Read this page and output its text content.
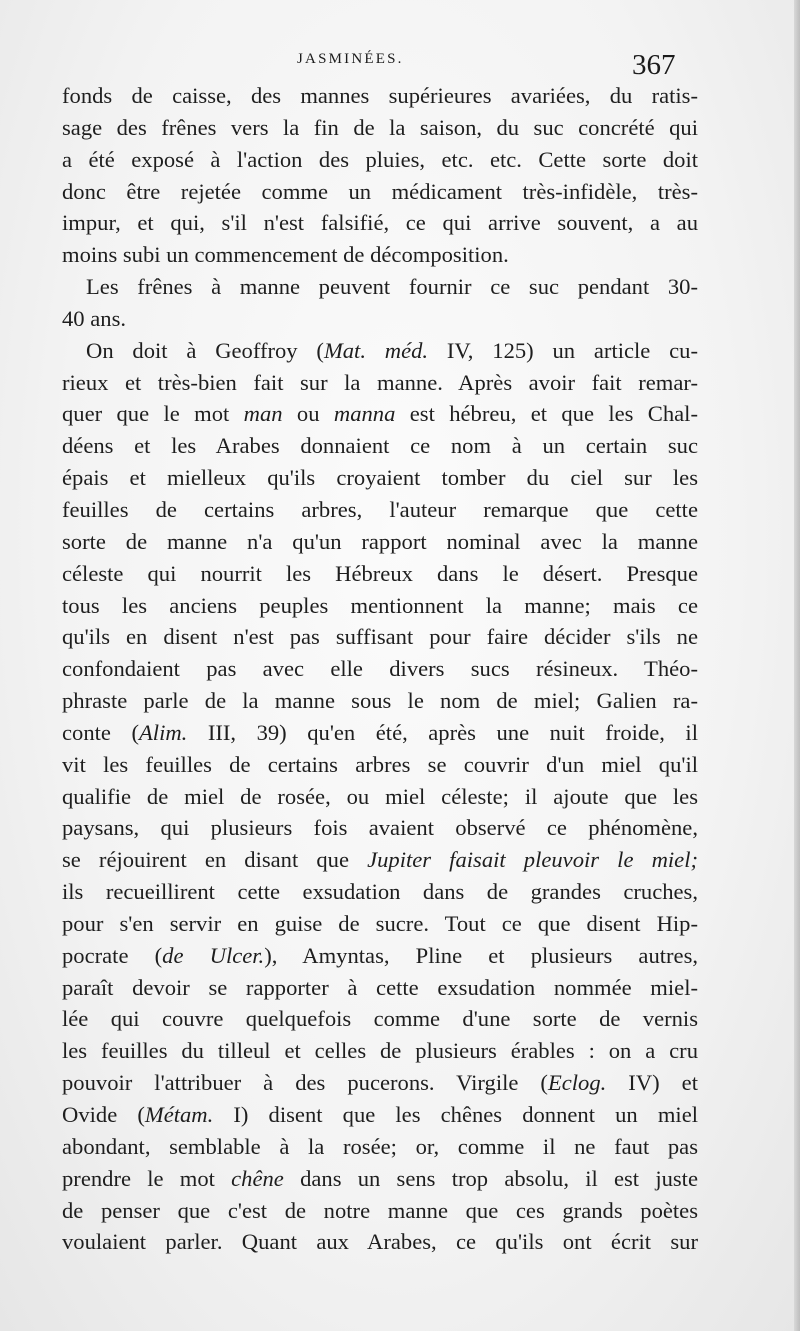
JASMINÉES.	367
fonds de caisse, des mannes supérieures avariées, du ratis-
sage des frênes vers la fin de la saison, du suc concrété qui
a été exposé à l'action des pluies, etc. etc. Cette sorte doit
donc être rejetée comme un médicament très-infidèle, très-
impur, et qui, s'il n'est falsifié, ce qui arrive souvent, a au
moins subi un commencement de décomposition.
Les frênes à manne peuvent fournir ce suc pendant 30-
40 ans.
On doit à Geoffroy (Mat. méd. IV, 125) un article cu-
rieux et très-bien fait sur la manne. Après avoir fait remar-
quer que le mot man ou manna est hébreu, et que les Chal-
déens et les Arabes donnaient ce nom à un certain suc
épais et mielleux qu'ils croyaient tomber du ciel sur les
feuilles de certains arbres, l'auteur remarque que cette
sorte de manne n'a qu'un rapport nominal avec la manne
céleste qui nourrit les Hébreux dans le désert. Presque
tous les anciens peuples mentionnent la manne; mais ce
qu'ils en disent n'est pas suffisant pour faire décider s'ils ne
confondaient pas avec elle divers sucs résineux. Théo-
phraste parle de la manne sous le nom de miel; Galien ra-
conte (Alim. III, 39) qu'en été, après une nuit froide, il
vit les feuilles de certains arbres se couvrir d'un miel qu'il
qualifie de miel de rosée, ou miel céleste; il ajoute que les
paysans, qui plusieurs fois avaient observé ce phénomène,
se réjouirent en disant que Jupiter faisait pleuvoir le miel;
ils recueillirent cette exsudation dans de grandes cruches,
pour s'en servir en guise de sucre. Tout ce que disent Hip-
pocrate (de Ulcer.), Amyntas, Pline et plusieurs autres,
paraît devoir se rapporter à cette exsudation nommée miel-
lée qui couvre quelquefois comme d'une sorte de vernis
les feuilles du tilleul et celles de plusieurs érables : on a cru
pouvoir l'attribuer à des pucerons. Virgile (Eclog. IV) et
Ovide (Métam. I) disent que les chênes donnent un miel
abondant, semblable à la rosée; or, comme il ne faut pas
prendre le mot chêne dans un sens trop absolu, il est juste
de penser que c'est de notre manne que ces grands poètes
voulaient parler. Quant aux Arabes, ce qu'ils ont écrit sur
